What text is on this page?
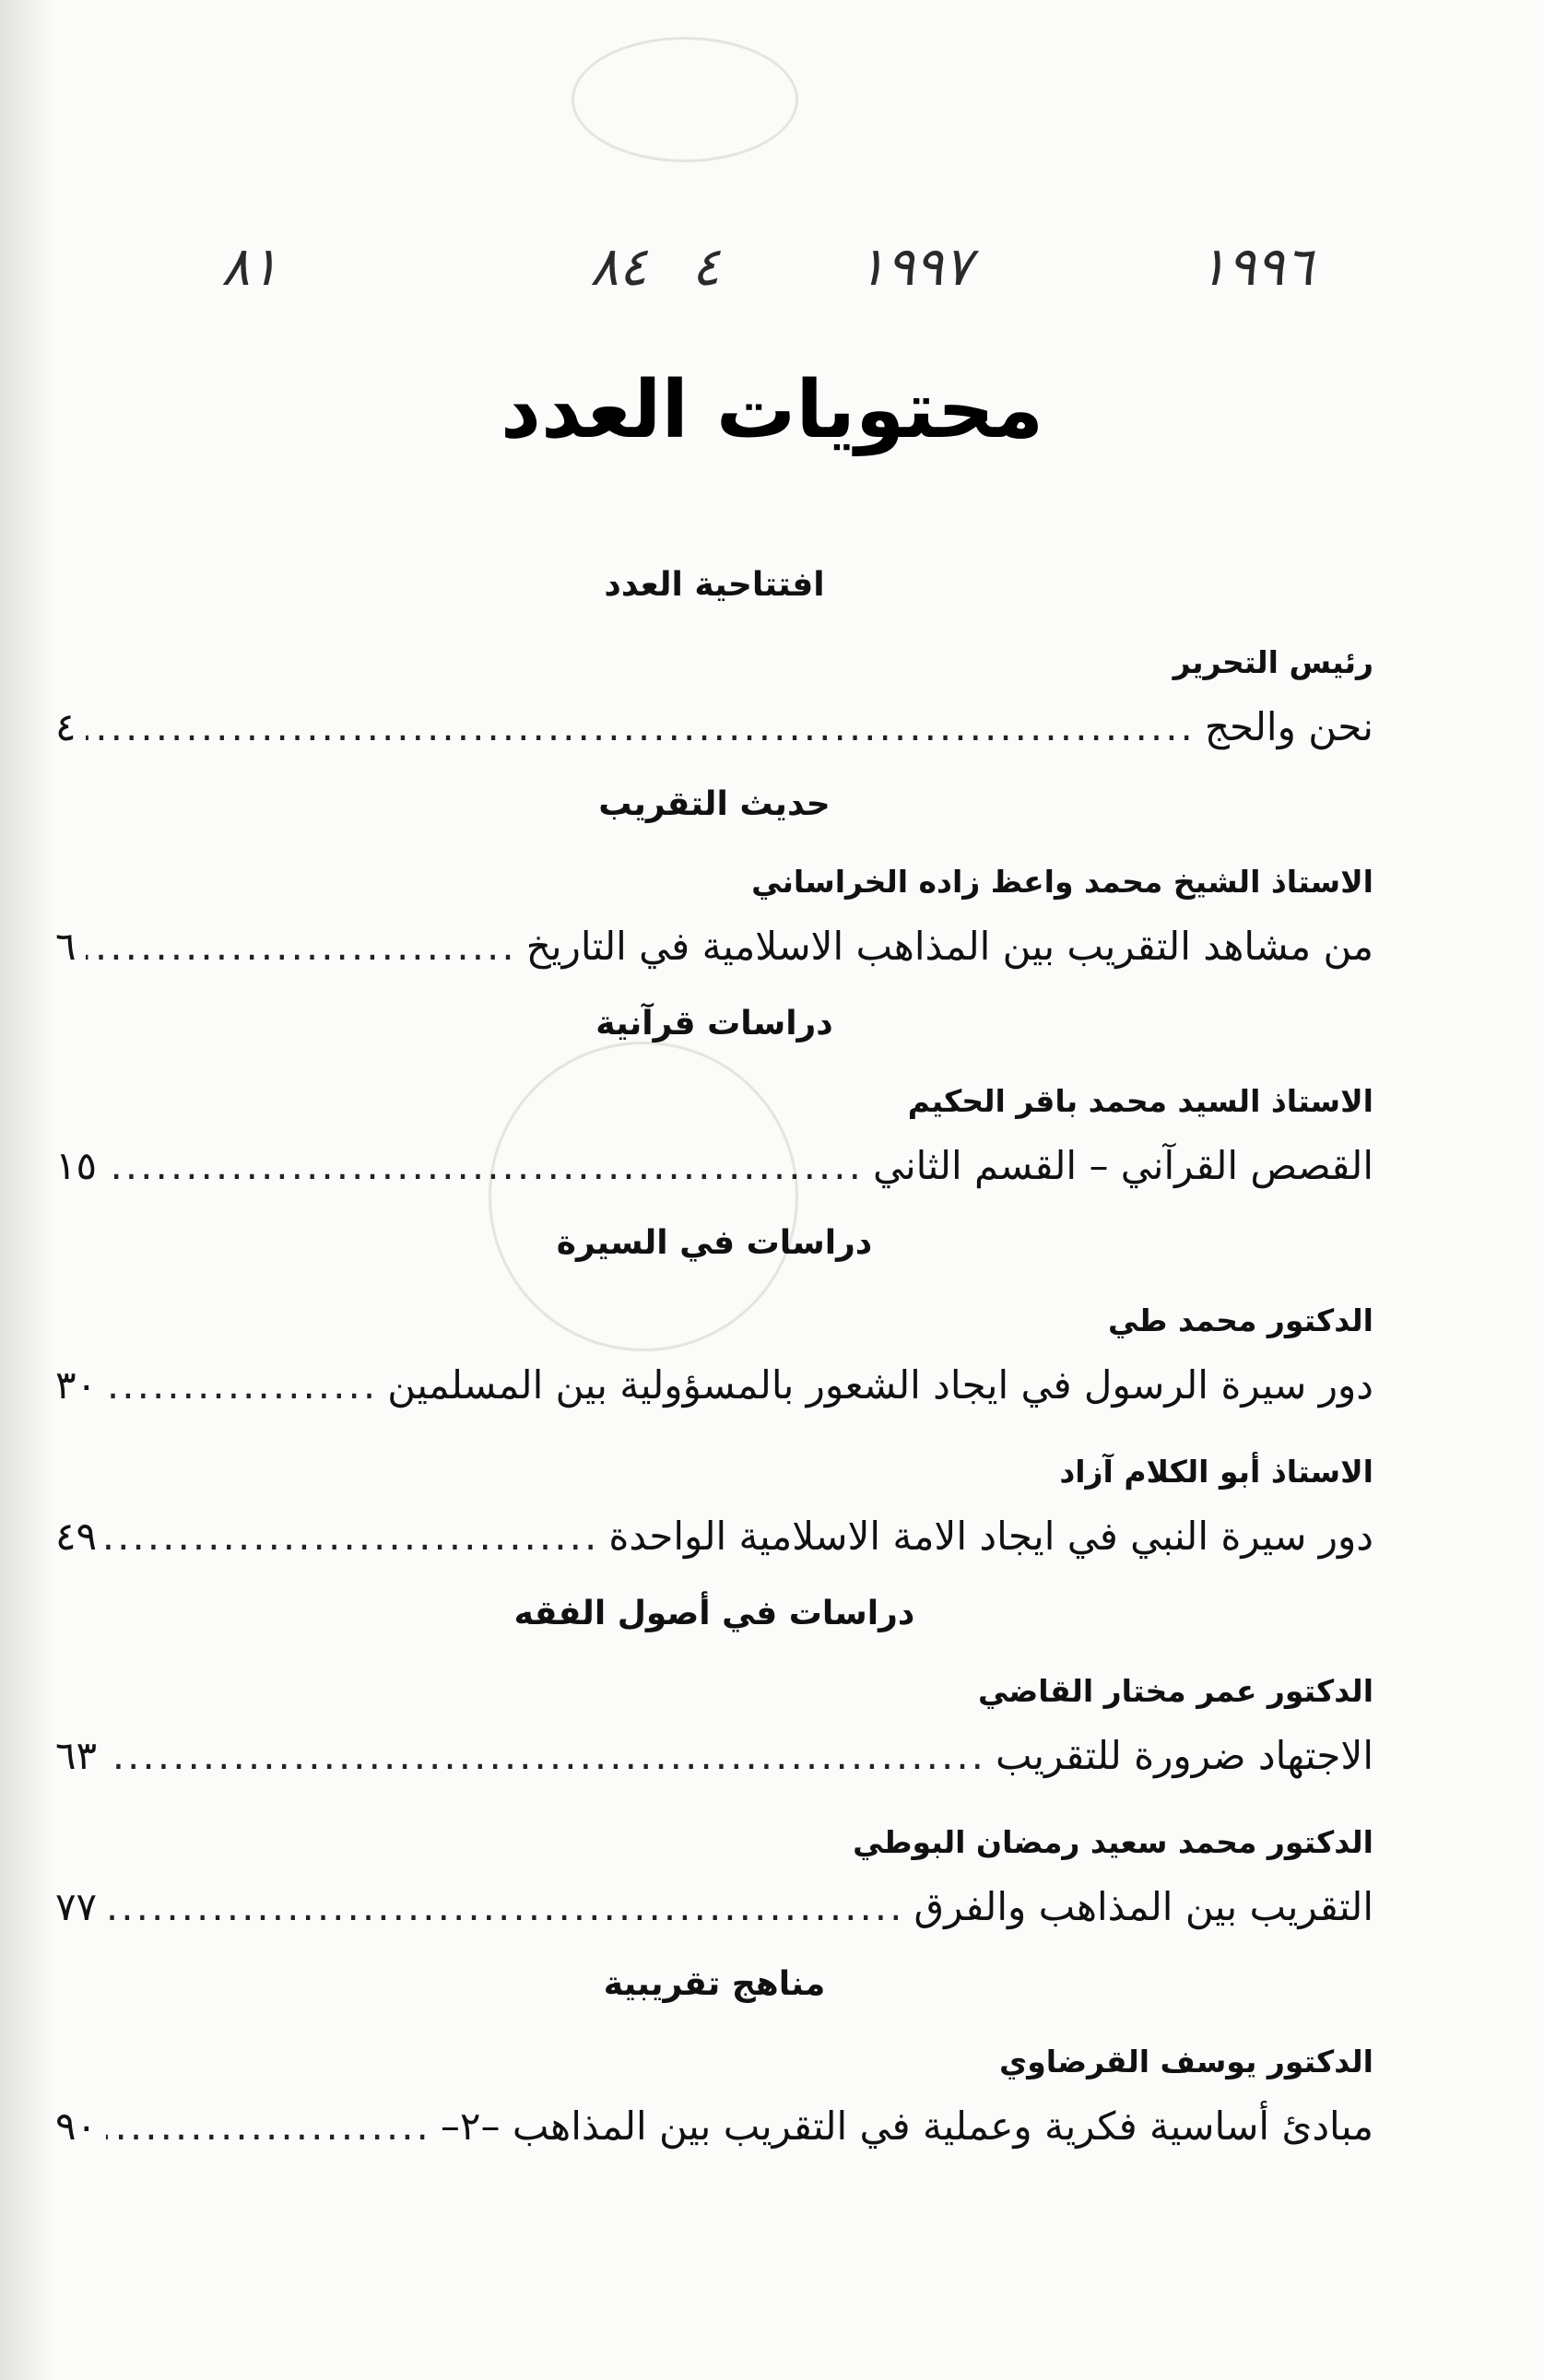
١٩٩٦
١٩٩٧
٤
٨٤
٨١
محتويات العدد
افتتاحية العدد
رئيس التحرير
نحن والحج
.....
٤
حديث التقريب
الاستاذ الشيخ محمد واعظ زاده الخراساني
من مشاهد التقريب بين المذاهب الاسلامية في التاريخ
.....
٦
دراسات قرآنية
الاستاذ السيد محمد باقر الحكيم
القصص القرآني – القسم الثاني
.....
١٥
دراسات في السيرة
الدكتور محمد طي
دور سيرة الرسول في ايجاد الشعور بالمسؤولية بين المسلمين
.....
٣٠
الاستاذ أبو الكلام آزاد
دور سيرة النبي في ايجاد الامة الاسلامية الواحدة
.....
٤٩
دراسات في أصول الفقه
الدكتور عمر مختار القاضي
الاجتهاد ضرورة للتقريب
.....
٦٣
الدكتور محمد سعيد رمضان البوطي
التقريب بين المذاهب والفرق
.....
٧٧
مناهج تقريبية
الدكتور يوسف القرضاوي
مبادئ أساسية فكرية وعملية في التقريب بين المذاهب –٢–
.....
٩٠
